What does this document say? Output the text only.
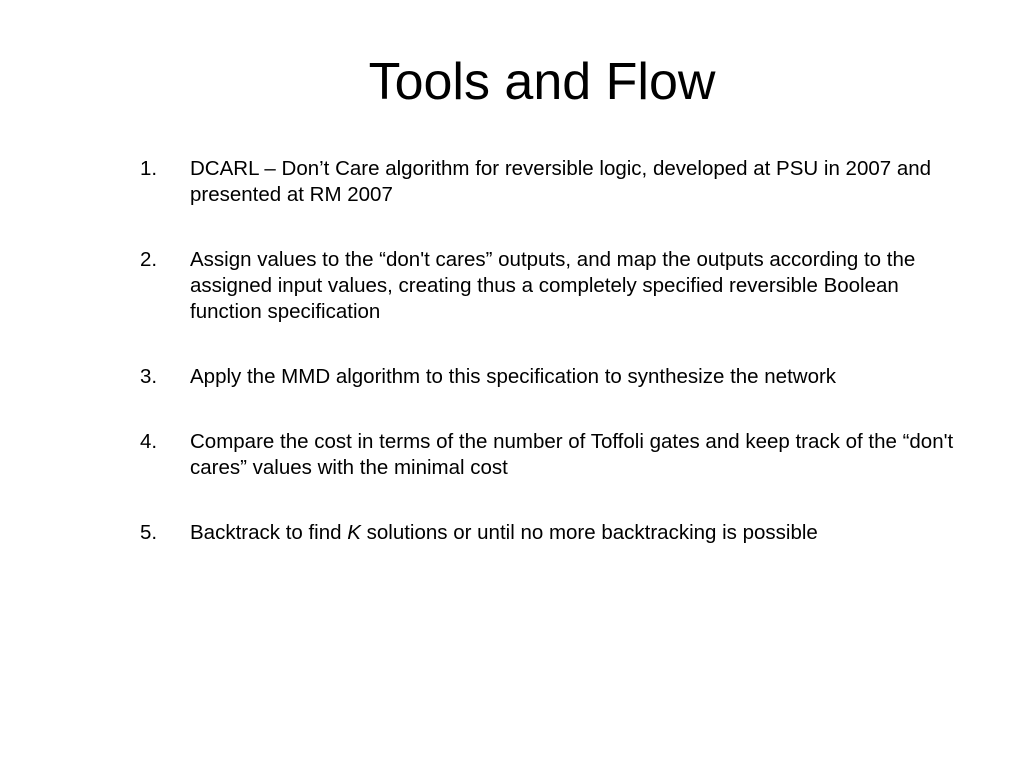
Tools and Flow
1. DCARL – Don’t Care algorithm for reversible logic, developed at PSU in 2007 and presented at RM 2007
2. Assign values to the “don't cares” outputs, and map the outputs according to the assigned input values, creating thus a completely specified reversible Boolean function specification
3. Apply the MMD algorithm to this specification to synthesize the network
4. Compare the cost in terms of the number of Toffoli gates and keep track of the “don't cares” values with the minimal cost
5. Backtrack to find K solutions or until no more backtracking is possible
